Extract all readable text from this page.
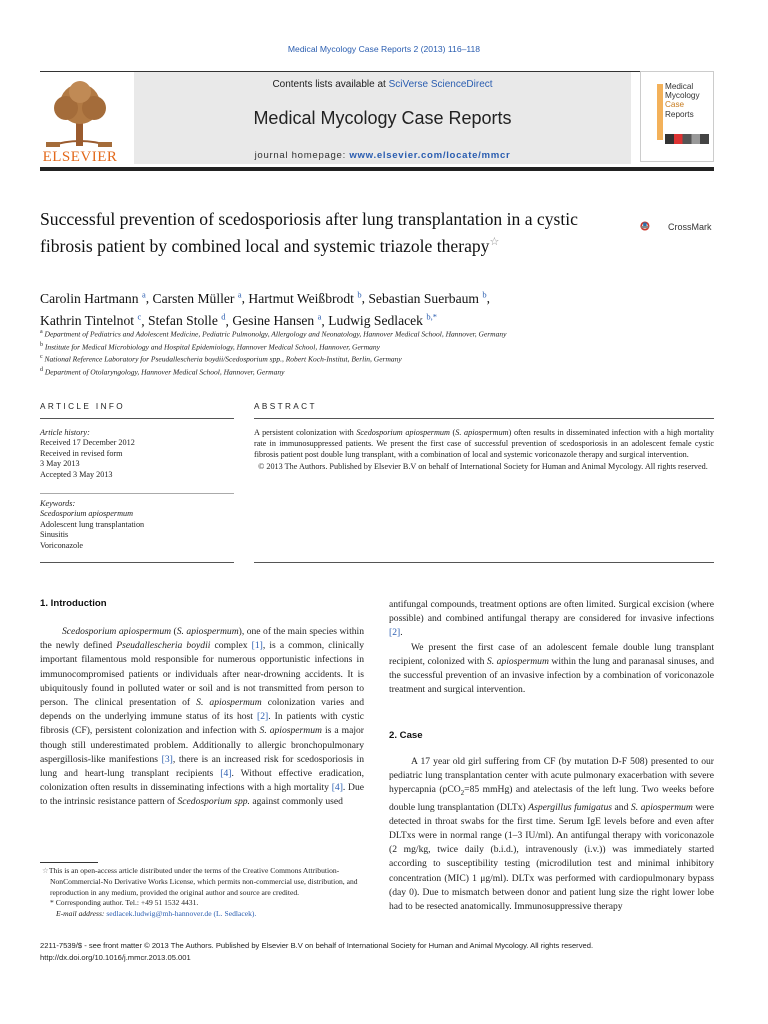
Medical Mycology Case Reports 2 (2013) 116–118
ELSEVIER
Contents lists available at SciVerse ScienceDirect
Medical Mycology Case Reports
journal homepage: www.elsevier.com/locate/mmcr
Medical
Mycology
Case
Reports
Successful prevention of scedosporiosis after lung transplantation in a cystic fibrosis patient by combined local and systemic triazole therapy☆
CrossMark
Carolin Hartmann $^a$, Carsten Müller $^a$, Hartmut Weißbrodt $^b$, Sebastian Suerbaum $^b$,
Kathrin Tintelnot $^c$, Stefan Stolle $^d$, Gesine Hansen $^a$, Ludwig Sedlacek $^{b,*}$
$^a$ Department of Pediatrics and Adolescent Medicine, Pediatric Pulmonolgy, Allergology and Neonatology, Hannover Medical School, Hannover, Germany
$^b$ Institute for Medical Microbiology and Hospital Epidemiology, Hannover Medical School, Hannover, Germany
$^c$ National Reference Laboratory for Pseudallescheria boydii/Scedosporium spp., Robert Koch-Institut, Berlin, Germany
$^d$ Department of Otolaryngology, Hannover Medical School, Hannover, Germany
ARTICLE INFO
Article history:
Received 17 December 2012
Received in revised form
3 May 2013
Accepted 3 May 2013
Keywords:
Scedosporium apiospermum
Adolescent lung transplantation
Sinusitis
Voriconazole
ABSTRACT
A persistent colonization with Scedosporium apiospermum (S. apiospermum) often results in disseminated infection with a high mortality rate in immunosuppressed patients. We present the first case of successful prevention of scedosporiosis in an adolescent female cystic fibrosis patient post double lung transplant, with a combination of local and systemic voriconazole therapy and surgical intervention.
© 2013 The Authors. Published by Elsevier B.V on behalf of International Society for Human and Animal Mycology. All rights reserved.
1. Introduction

Scedosporium apiospermum (S. apiospermum), one of the main species within the newly defined Pseudallescheria boydii complex [1], is a common, clinically important filamentous mold responsible for numerous opportunistic infections in immunocompromised patients or individuals after near-drowning accidents. It is ubiquitously found in polluted water or soil and is not transmitted from person to person. The clinical presentation of S. apiospermum colonization varies and depends on the underlying immune status of its host [2]. In patients with cystic fibrosis (CF), persistent colonization and infection with S. apiospermum is a major though still underestimated problem. Additionally to allergic bronchopulmonary aspergillosis-like manifestions [3], there is an increased risk for scedosporiosis in lung and heart-lung transplant recipients [4]. Without effective eradication, colonization often results in disseminating infections with a high mortality [4]. Due to the intrinsic resistance pattern of Scedosporium spp. against commonly used

☆This is an open-access article distributed under the terms of the Creative Commons Attribution-NonCommercial-No Derivative Works License, which permits non-commercial use, distribution, and reproduction in any medium, provided the original author and source are credited.

* Corresponding author. Tel.: +49 51 1532 4431.

E-mail address: sedlacek.ludwig@mh-hannover.de (L. Sedlacek).

antifungal compounds, treatment options are often limited. Surgical excision (where possible) and combined antifungal therapy are considered for invasive infections [2].

We present the first case of an adolescent female double lung transplant recipient, colonized with S. apiospermum within the lung and paranasal sinuses, and the successful prevention of an invasive infection by a combination of voriconazole treatment and surgical intervention.

2. Case

A 17 year old girl suffering from CF (by mutation D-F 508) presented to our pediatric lung transplantation center with acute pulmonary exacerbation with severe hypercapnia (pCO$_2$=85 mmHg) and atelectasis of the left lung. Two weeks before double lung transplantation (DLTx) Aspergillus fumigatus and S. apiospermum were detected in throat swabs for the first time. Serum IgE levels before and even after DLTxs were in normal range (1–3 IU/ml). An antifungal therapy with voriconazole (2 mg/kg, twice daily (b.i.d.), intravenously (i.v.)) was immediately started according to susceptibility testing (microdilution test and minimal inhibitory concentration (MIC) 1 μg/ml). DLTx was performed with cardiopulmonary bypass (day 0). Due to mismatch between donor and patient lung size the right lower lobe had to be resected anatomically. Immunosuppressive therapy

2211-7539/$ - see front matter © 2013 The Authors. Published by Elsevier B.V on behalf of International Society for Human and Animal Mycology. All rights reserved.
http://dx.doi.org/10.1016/j.mmcr.2013.05.001
